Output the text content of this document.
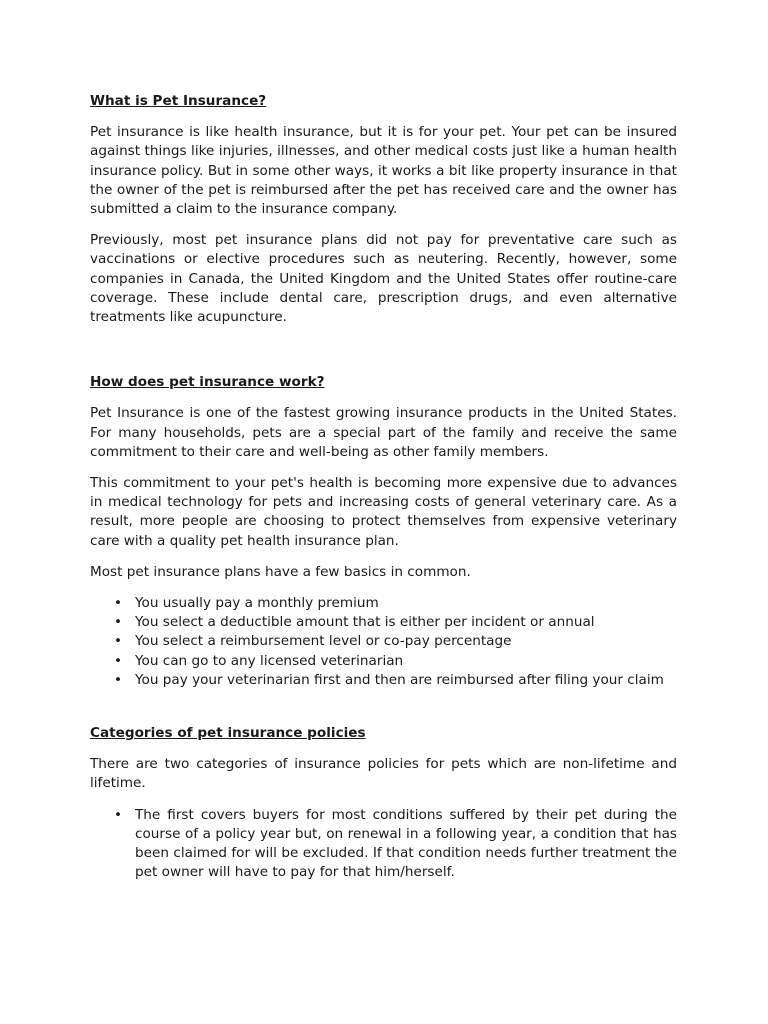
What is Pet Insurance?

Pet insurance is like health insurance, but it is for your pet. Your pet can be insured against things like injuries, illnesses, and other medical costs just like a human health insurance policy. But in some other ways, it works a bit like property insurance in that the owner of the pet is reimbursed after the pet has received care and the owner has submitted a claim to the insurance company.

Previously, most pet insurance plans did not pay for preventative care such as vaccinations or elective procedures such as neutering. Recently, however, some companies in Canada, the United Kingdom and the United States offer routine-care coverage. These include dental care, prescription drugs, and even alternative treatments like acupuncture.

How does pet insurance work?

Pet Insurance is one of the fastest growing insurance products in the United States. For many households, pets are a special part of the family and receive the same commitment to their care and well-being as other family members.

This commitment to your pet's health is becoming more expensive due to advances in medical technology for pets and increasing costs of general veterinary care. As a result, more people are choosing to protect themselves from expensive veterinary care with a quality pet health insurance plan.

Most pet insurance plans have a few basics in common.

• You usually pay a monthly premium
• You select a deductible amount that is either per incident or annual
• You select a reimbursement level or co-pay percentage
• You can go to any licensed veterinarian
• You pay your veterinarian first and then are reimbursed after filing your claim
Categories of pet insurance policies

There are two categories of insurance policies for pets which are non-lifetime and lifetime.

• The first covers buyers for most conditions suffered by their pet during the course of a policy year but, on renewal in a following year, a condition that has been claimed for will be excluded. If that condition needs further treatment the pet owner will have to pay for that him/herself.
